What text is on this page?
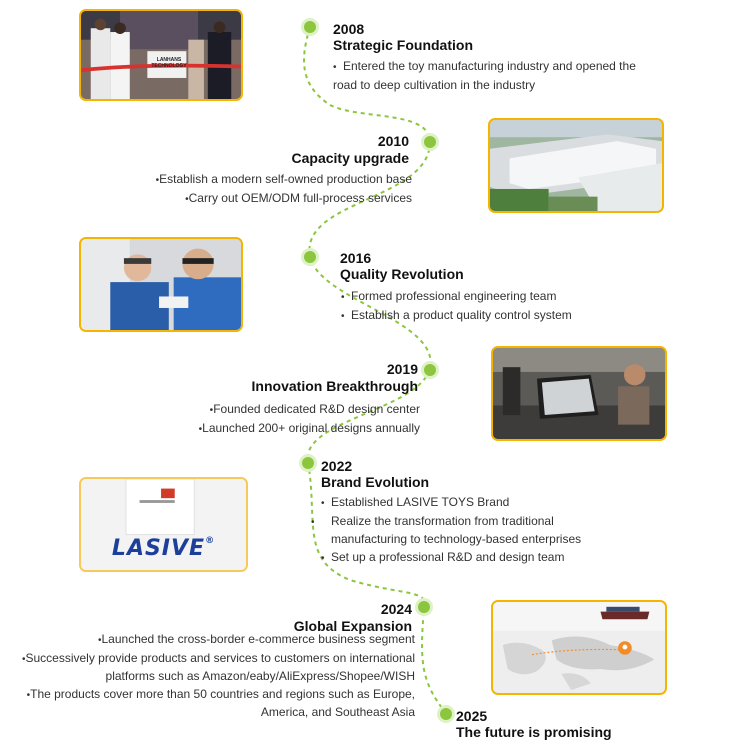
2008
Strategic Foundation
• Entered the toy manufacturing industry and opened the road to deep cultivation in the industry
2010
Capacity upgrade
•Establish a modern self-owned production base
•Carry out OEM/ODM full-process services
2016
Quality Revolution
• Formed professional engineering team
• Establish a product quality control system
2019
Innovation Breakthrough
•Founded dedicated R&D design center
•Launched 200+ original designs annually
2022
Brand Evolution
• Established LASIVE TOYS Brand
• Realize the transformation from traditional manufacturing to technology-based enterprises
• Set up a professional R&D and design team
2024
Global Expansion
•Launched the cross-border e-commerce business segment
•Successively provide products and services to customers on international platforms such as Amazon/eaby/AliExpress/Shopee/WISH
•The products cover more than 50 countries and regions such as Europe, America, and Southeast Asia	2025
The future is promising
LANHANS TECHNOLOGY
LASIVE®
